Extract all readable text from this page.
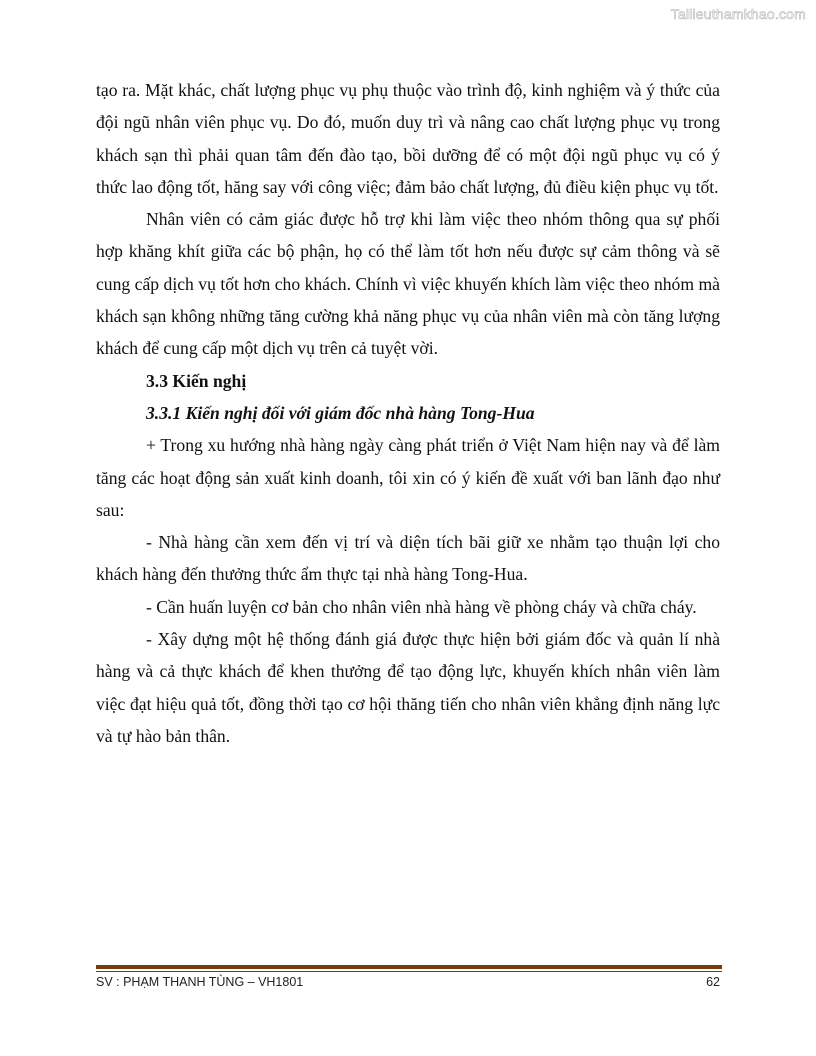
Tailieuthamkhao.com

tạo ra. Mặt khác, chất lượng phục vụ phụ thuộc vào trình độ, kinh nghiệm và ý thức của đội ngũ nhân viên phục vụ. Do đó, muốn duy trì và nâng cao chất lượng phục vụ trong khách sạn thì phải quan tâm đến đào tạo, bồi dưỡng để có một đội ngũ phục vụ có ý thức lao động tốt, hăng say với công việc; đảm bảo chất lượng, đủ điều kiện phục vụ tốt.

Nhân viên có cảm giác được hỗ trợ khi làm việc theo nhóm thông qua sự phối hợp khăng khít giữa các bộ phận, họ có thể làm tốt hơn nếu được sự cảm thông và sẽ cung cấp dịch vụ tốt hơn cho khách. Chính vì việc khuyến khích làm việc theo nhóm mà khách sạn không những tăng cường khả năng phục vụ của nhân viên mà còn tăng lượng khách để cung cấp một dịch vụ trên cả tuyệt vời.

3.3 Kiến nghị

3.3.1 Kiến nghị đối với giám đốc nhà hàng Tong-Hua

+ Trong xu hướng nhà hàng ngày càng phát triển ở Việt Nam hiện nay và để làm tăng các hoạt động sản xuất kinh doanh, tôi xin có ý kiến đề xuất với ban lãnh đạo như sau:

- Nhà hàng cần xem đến vị trí và diện tích bãi giữ xe nhằm tạo thuận lợi cho khách hàng đến thưởng thức ẩm thực tại nhà hàng Tong-Hua.

- Cần huấn luyện cơ bản cho nhân viên nhà hàng về phòng cháy và chữa cháy.

- Xây dựng một hệ thống đánh giá được thực hiện bởi giám đốc và quản lí nhà hàng và cả thực khách để khen thưởng để tạo động lực, khuyến khích nhân viên làm việc đạt hiệu quả tốt, đồng thời tạo cơ hội thăng tiến cho nhân viên khẳng định năng lực và tự hào bản thân.

SV : PHẠM THANH TÙNG – VH1801	62
